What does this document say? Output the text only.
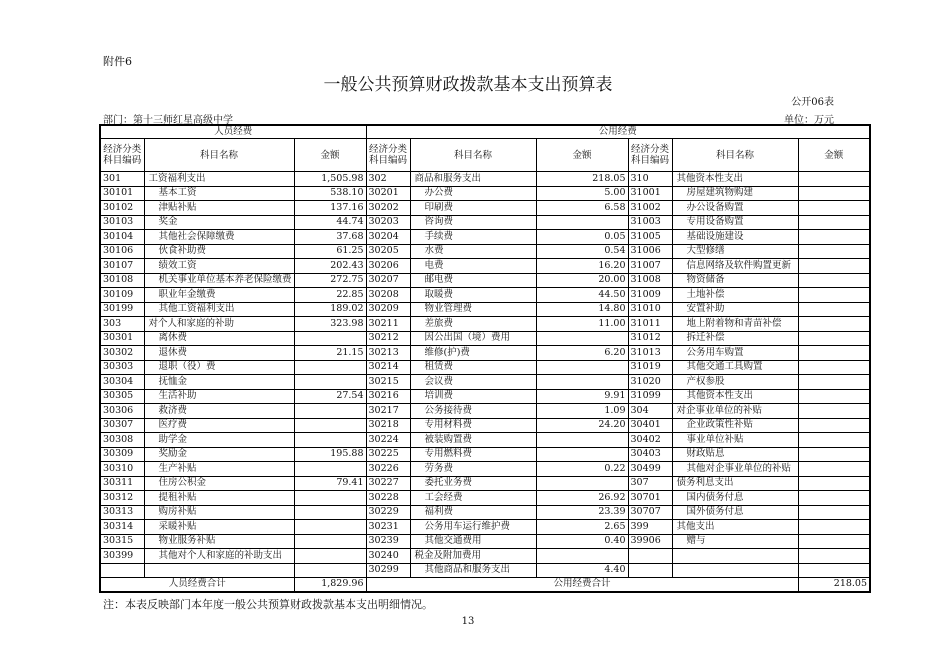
附件6
一般公共预算财政拨款基本支出预算表
公开06表
部门：第十三师红星高级中学	单位：万元
人员经费			公用经费					
经济分类科目编码	科目名称	金额	经济分类科目编码	科目名称	金额	经济分类科目编码	科目名称	金额
301	工资福利支出	1,505.98	302	商品和服务支出	218.05	310	其他资本性支出	
30101	基本工资	538.10	30201	办公费	5.00	31001	房屋建筑物购建	
30102	津贴补贴	137.16	30202	印刷费	6.58	31002	办公设备购置	
30103	奖金	44.74	30203	咨询费		31003	专用设备购置	
30104	其他社会保障缴费	37.68	30204	手续费	0.05	31005	基础设施建设	
30106	伙食补助费	61.25	30205	水费	0.54	31006	大型修缮	
30107	绩效工资	202.43	30206	电费	16.20	31007	信息网络及软件购置更新	
30108	机关事业单位基本养老保险缴费	272.75	30207	邮电费	20.00	31008	物资储备	
30109	职业年金缴费	22.85	30208	取暖费	44.50	31009	土地补偿	
30199	其他工资福利支出	189.02	30209	物业管理费	14.80	31010	安置补助	
303	对个人和家庭的补助	323.98	30211	差旅费	11.00	31011	地上附着物和青苗补偿	
30301	离休费		30212	因公出国（境）费用		31012	拆迁补偿	
30302	退休费	21.15	30213	维修(护)费	6.20	31013	公务用车购置	
30303	退职（役）费		30214	租赁费		31019	其他交通工具购置	
30304	抚恤金		30215	会议费		31020	产权参股	
30305	生活补助	27.54	30216	培训费	9.91	31099	其他资本性支出	
30306	救济费		30217	公务接待费	1.09	304	对企事业单位的补贴	
30307	医疗费		30218	专用材料费	24.20	30401	企业政策性补贴	
30308	助学金		30224	被装购置费		30402	事业单位补贴	
30309	奖励金	195.88	30225	专用燃料费		30403	财政贴息	
30310	生产补贴		30226	劳务费	0.22	30499	其他对企事业单位的补贴	
30311	住房公积金	79.41	30227	委托业务费		307	债务利息支出	
30312	提租补贴		30228	工会经费	26.92	30701	国内债务付息	
30313	购房补贴		30229	福利费	23.39	30707	国外债务付息	
30314	采暖补贴		30231	公务用车运行维护费	2.65	399	其他支出	
30315	物业服务补贴		30239	其他交通费用	0.40	39906	赠与	
30399	其他对个人和家庭的补助支出		30240	税金及附加费用				
			30299	其他商品和服务支出	4.40			
人员经费合计		1,829.96	公用经费合计					218.05
注：本表反映部门本年度一般公共预算财政拨款基本支出明细情况。
13
